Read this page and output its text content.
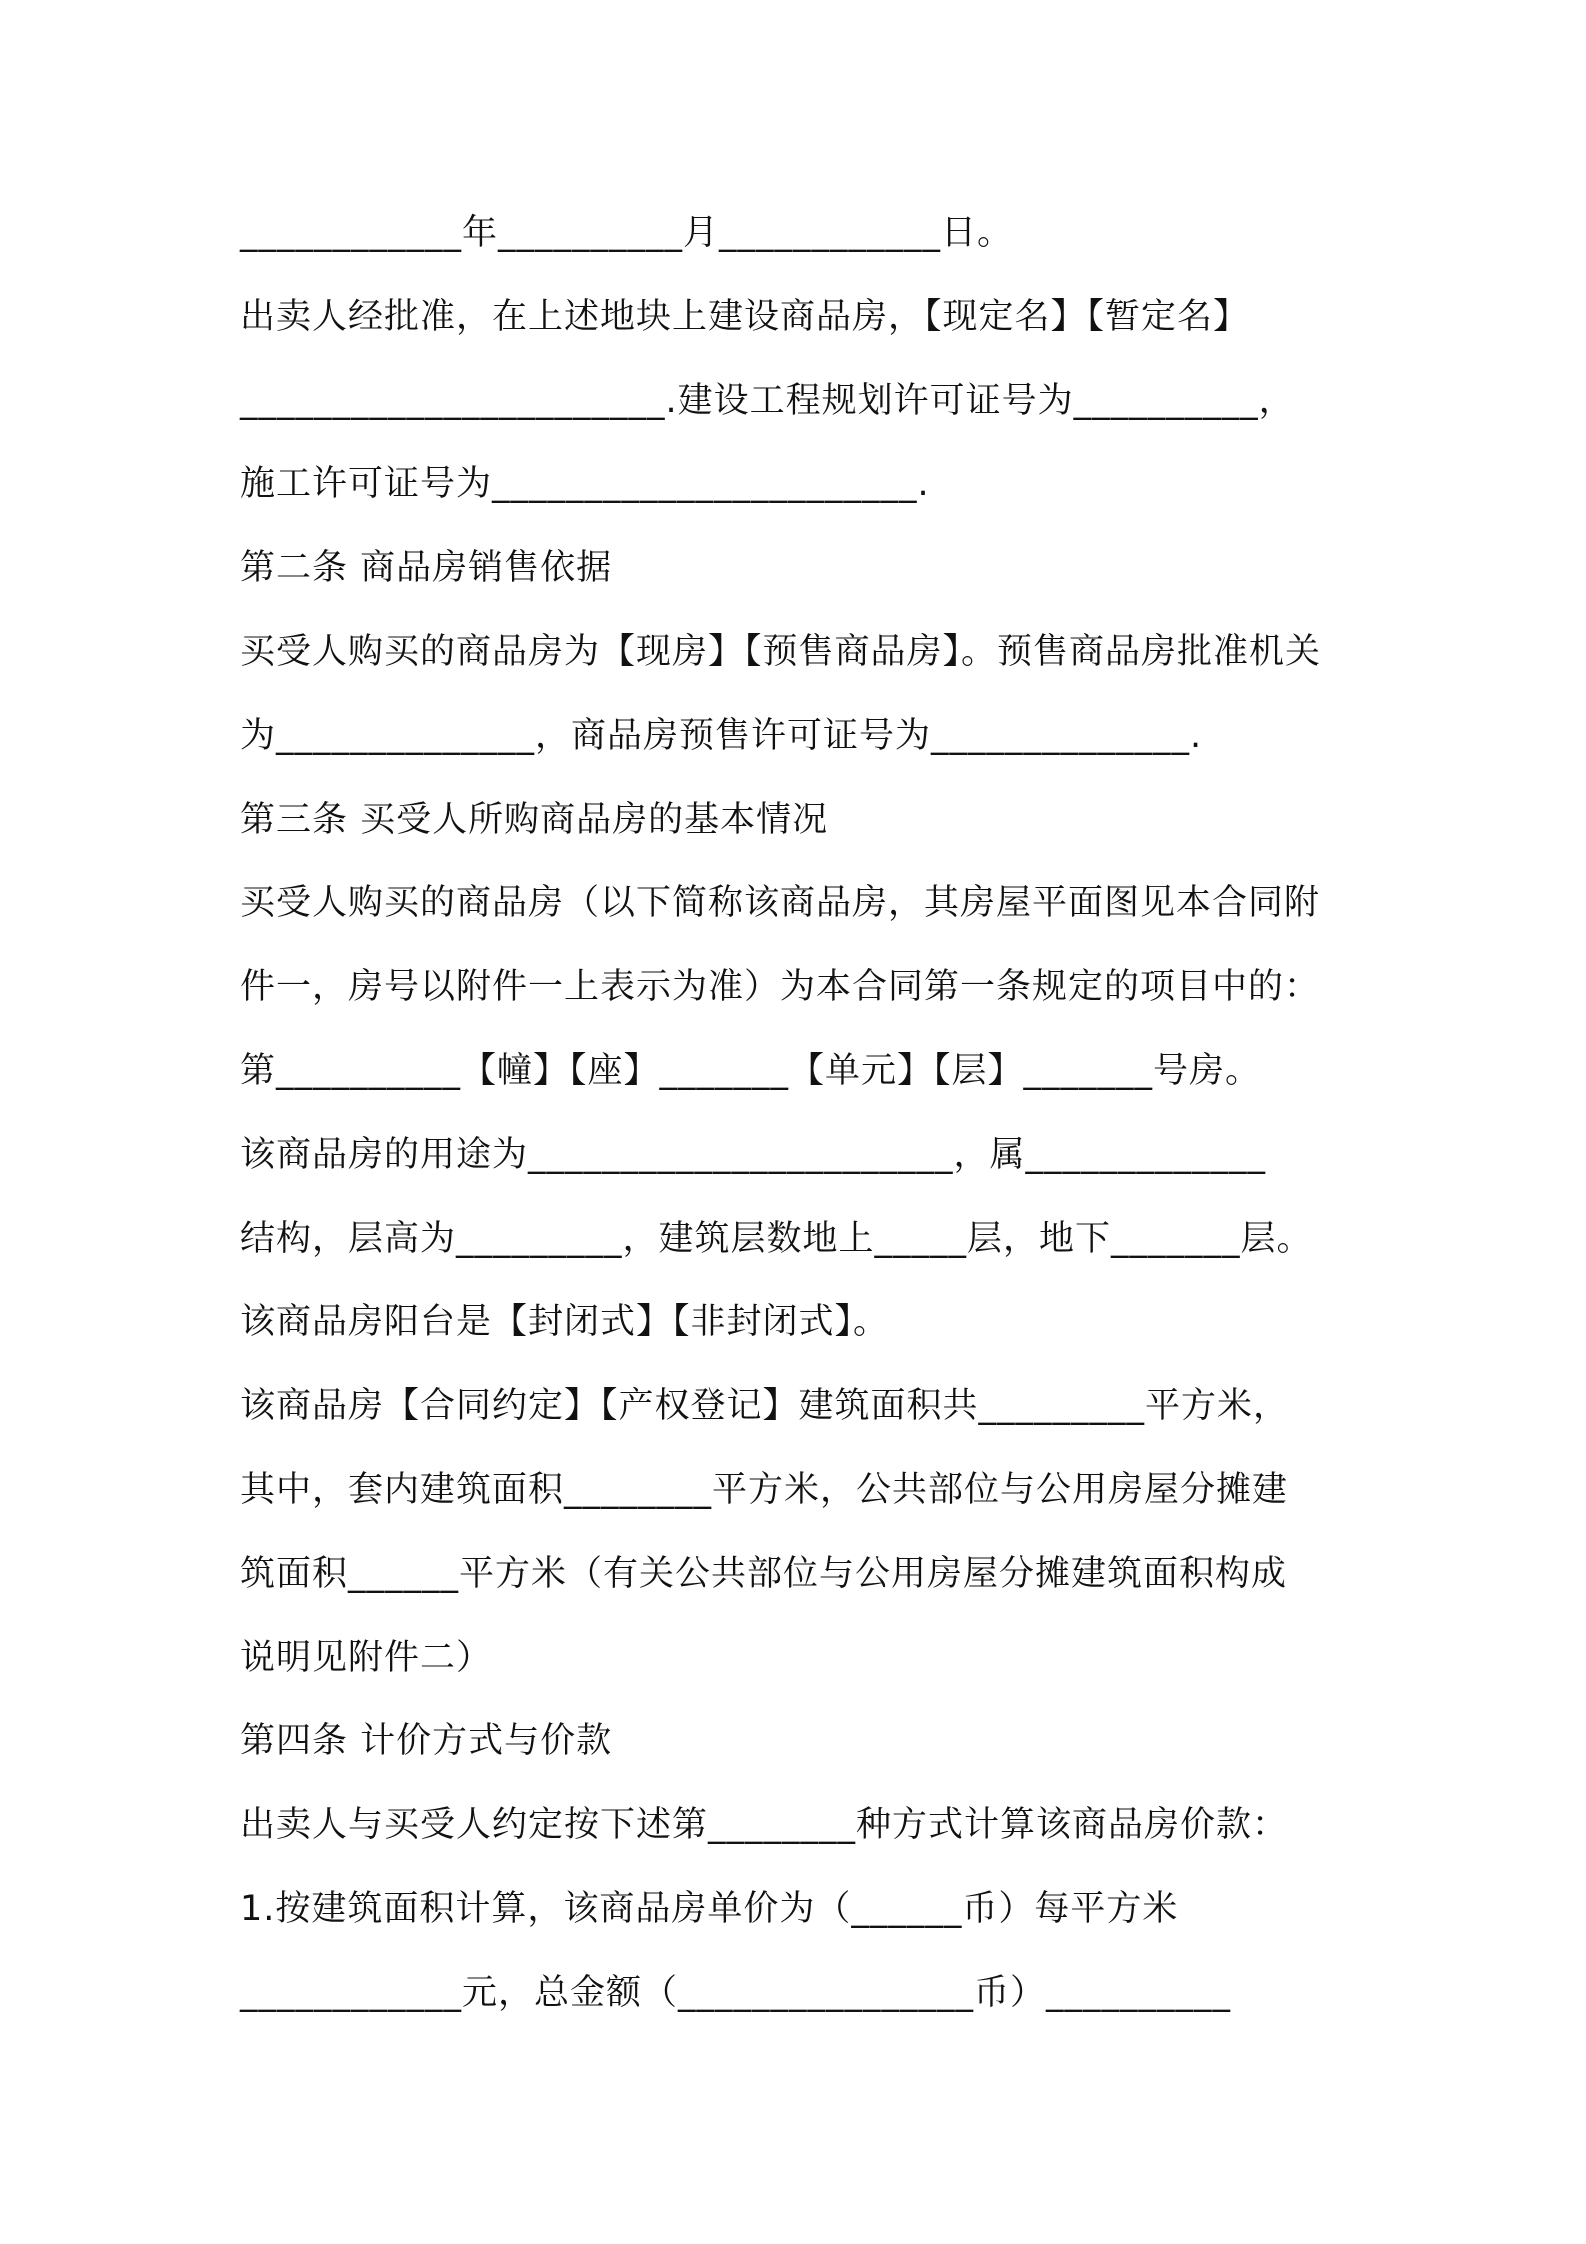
____________年__________月____________日。
出卖人经批准，在上述地块上建设商品房，【现定名】【暂定名】
_______________________.建设工程规划许可证号为__________，
施工许可证号为_______________________.
第二条 商品房销售依据
买受人购买的商品房为【现房】【预售商品房】。预售商品房批准机关
为______________，商品房预售许可证号为______________.
第三条 买受人所购商品房的基本情况
买受人购买的商品房（以下简称该商品房，其房屋平面图见本合同附
件一，房号以附件一上表示为准）为本合同第一条规定的项目中的：
第__________【幢】【座】_______【单元】【层】_______号房。
该商品房的用途为_______________________，属_____________
结构，层高为_________，建筑层数地上_____层，地下_______层。
该商品房阳台是【封闭式】【非封闭式】。
该商品房【合同约定】【产权登记】建筑面积共_________平方米，
其中，套内建筑面积________平方米，公共部位与公用房屋分摊建
筑面积______平方米（有关公共部位与公用房屋分摊建筑面积构成
说明见附件二）
第四条 计价方式与价款
出卖人与买受人约定按下述第________种方式计算该商品房价款：
1.按建筑面积计算，该商品房单价为（______币）每平方米
____________元，总金额（________________币）__________
